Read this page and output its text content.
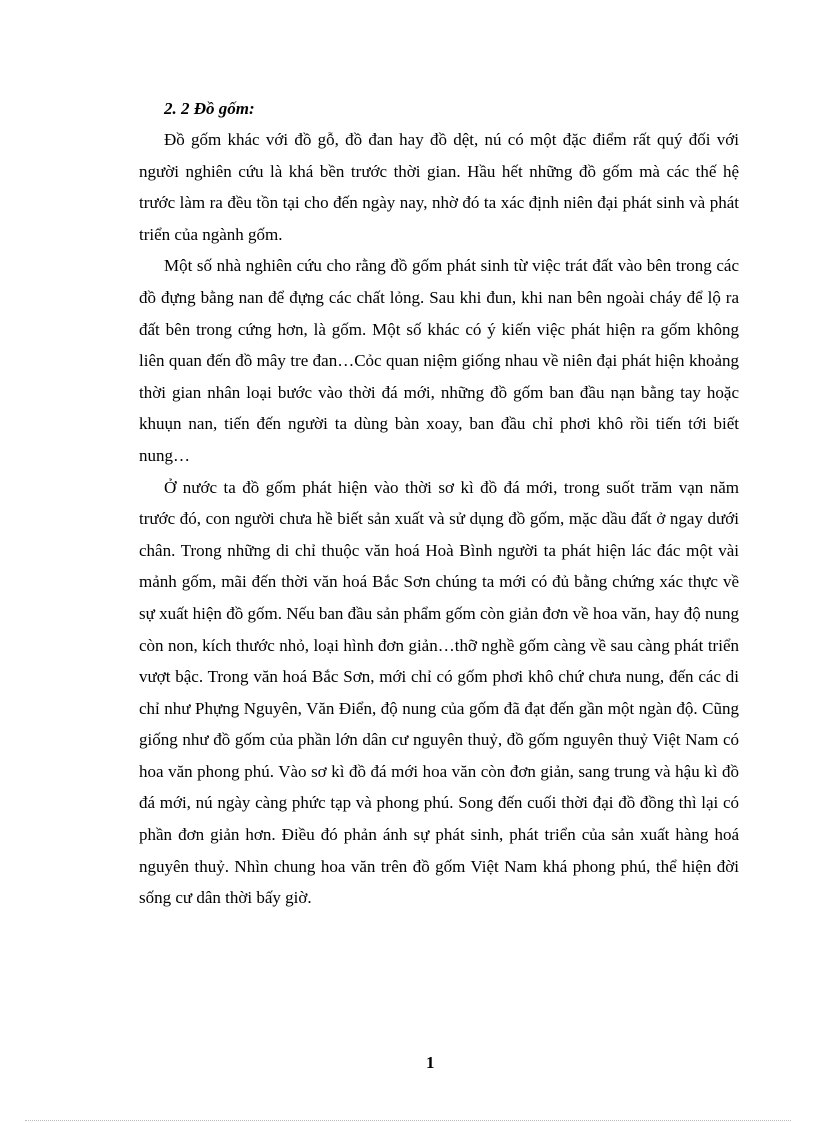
2. 2 Đồ gốm:

Đồ gốm khác với đồ gỗ, đồ đan hay đồ dệt, nú có một đặc điểm rất quý đối với người nghiên cứu là khá bền trước thời gian. Hầu hết những đồ gốm mà các thế hệ trước làm ra đều tồn tại cho đến ngày nay, nhờ đó ta xác định niên đại phát sinh và phát triển của ngành gốm.

Một số nhà nghiên cứu cho rằng đồ gốm phát sinh từ việc trát đất vào bên trong các đồ đựng bằng nan để đựng các chất lỏng. Sau khi đun, khi nan bên ngoài cháy để lộ ra đất bên trong cứng hơn, là gốm. Một số khác có ý kiến việc phát hiện ra gốm không liên quan đến đồ mây tre đan…Cỏc quan niệm giống nhau về niên đại phát hiện khoảng thời gian nhân loại bước vào thời đá mới, những đồ gốm ban đầu nạn bằng tay hoặc khuụn nan, tiến đến người ta dùng bàn xoay, ban đầu chỉ phơi khô rồi tiến tới biết nung…

Ở nước ta đồ gốm phát hiện vào thời sơ kì đồ đá mới, trong suốt trăm vạn năm trước đó, con người chưa hề biết sản xuất và sử dụng đồ gốm, mặc dầu đất ở ngay dưới chân. Trong những di chỉ thuộc văn hoá Hoà Bình người ta phát hiện lác đác một vài mảnh gốm, mãi đến thời văn hoá Bắc Sơn chúng ta mới có đủ bằng chứng xác thực về sự xuất hiện đồ gốm. Nếu ban đầu sản phẩm gốm còn giản đơn về hoa văn, hay độ nung còn non, kích thước nhỏ, loại hình đơn giản…thỡ nghề gốm càng về sau càng phát triển vượt bậc. Trong văn hoá Bắc Sơn, mới chỉ có gốm phơi khô chứ chưa nung, đến các di chỉ như Phựng Nguyên, Văn Điển, độ nung của gốm đã đạt đến gần một ngàn độ. Cũng giống như đồ gốm của phần lớn dân cư nguyên thuỷ, đồ gốm nguyên thuỷ Việt Nam có hoa văn phong phú. Vào sơ kì đồ đá mới hoa văn còn đơn giản, sang trung và hậu kì đồ đá mới, nú ngày càng phức tạp và phong phú. Song đến cuối thời đại đồ đồng thì lại có phần đơn giản hơn. Điều đó phản ánh sự phát sinh, phát triển của sản xuất hàng hoá nguyên thuỷ. Nhìn chung hoa văn trên đồ gốm Việt Nam khá phong phú, thể hiện đời sống cư dân thời bấy giờ.

1
